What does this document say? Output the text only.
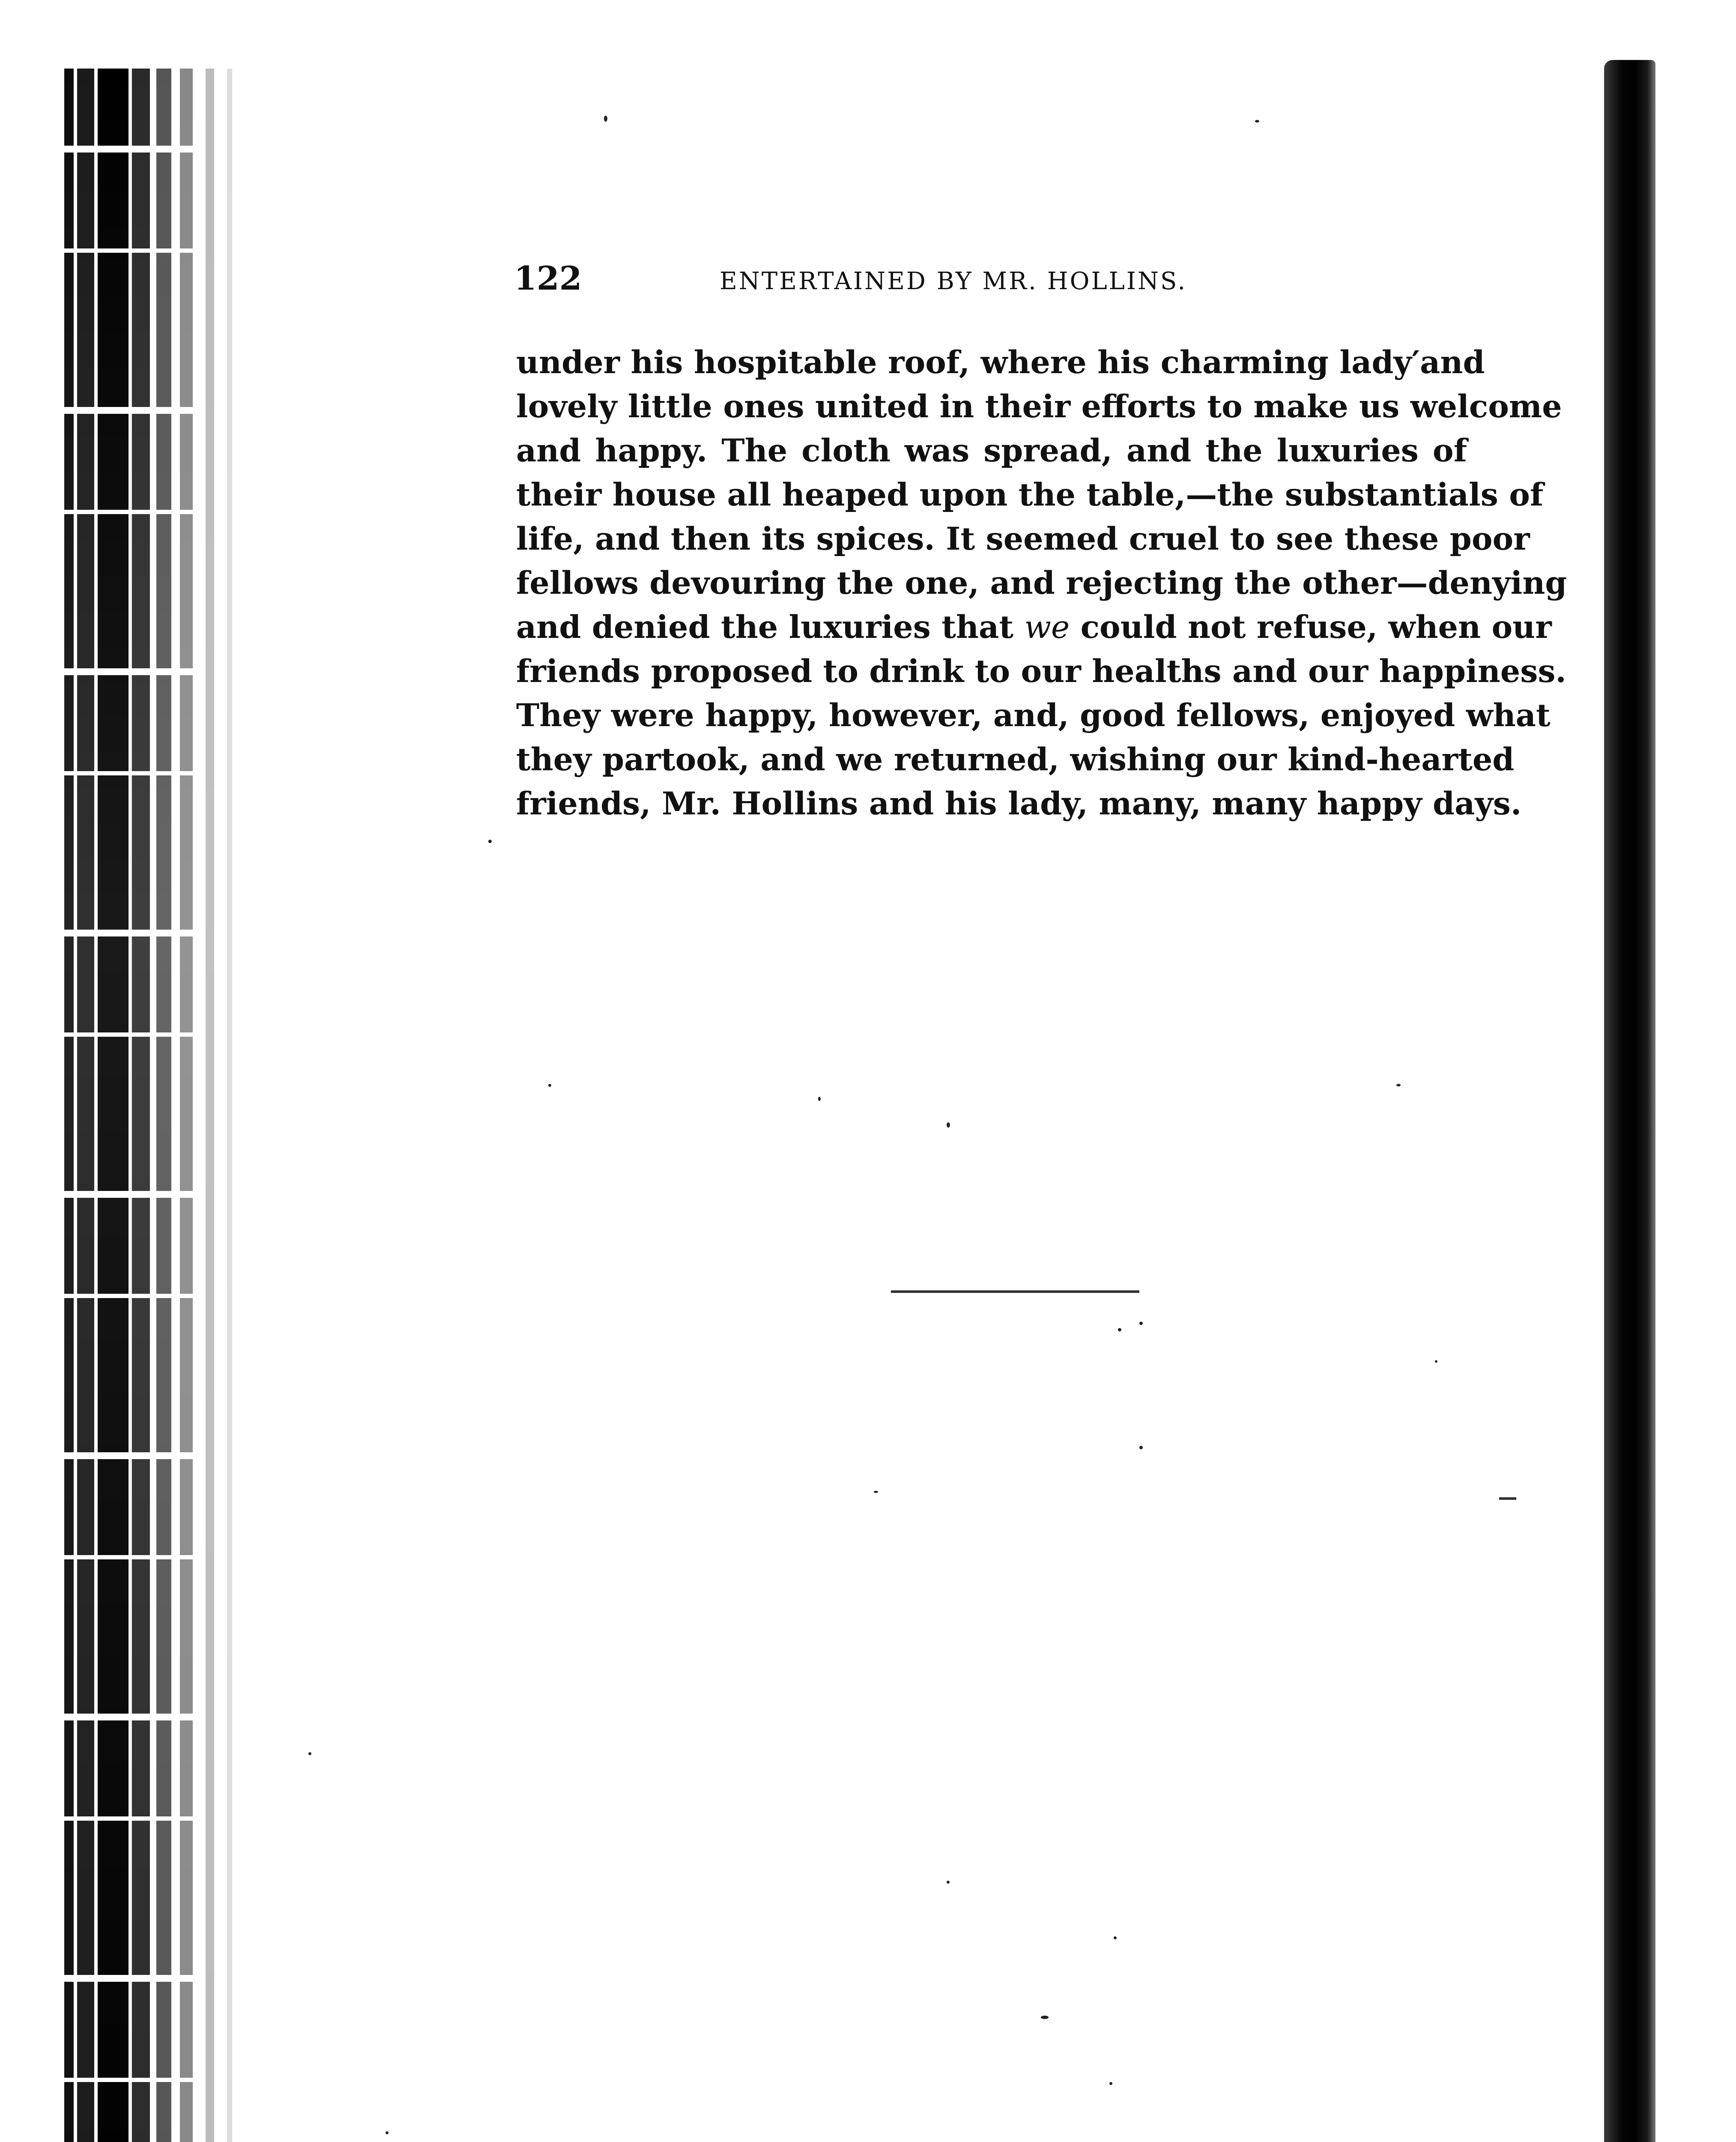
122	ENTERTAINED BY MR. HOLLINS.
under his hospitable roof, where his charming lady′and
lovely little ones united in their efforts to make us welcome
and happy. The cloth was spread, and the luxuries of
their house all heaped upon the table,—the substantials of
life, and then its spices. It seemed cruel to see these poor
fellows devouring the one, and rejecting the other—denying
and denied the luxuries that we could not refuse, when our
friends proposed to drink to our healths and our happiness.
They were happy, however, and, good fellows, enjoyed what
they partook, and we returned, wishing our kind-hearted
friends, Mr. Hollins and his lady, many, many happy days.
